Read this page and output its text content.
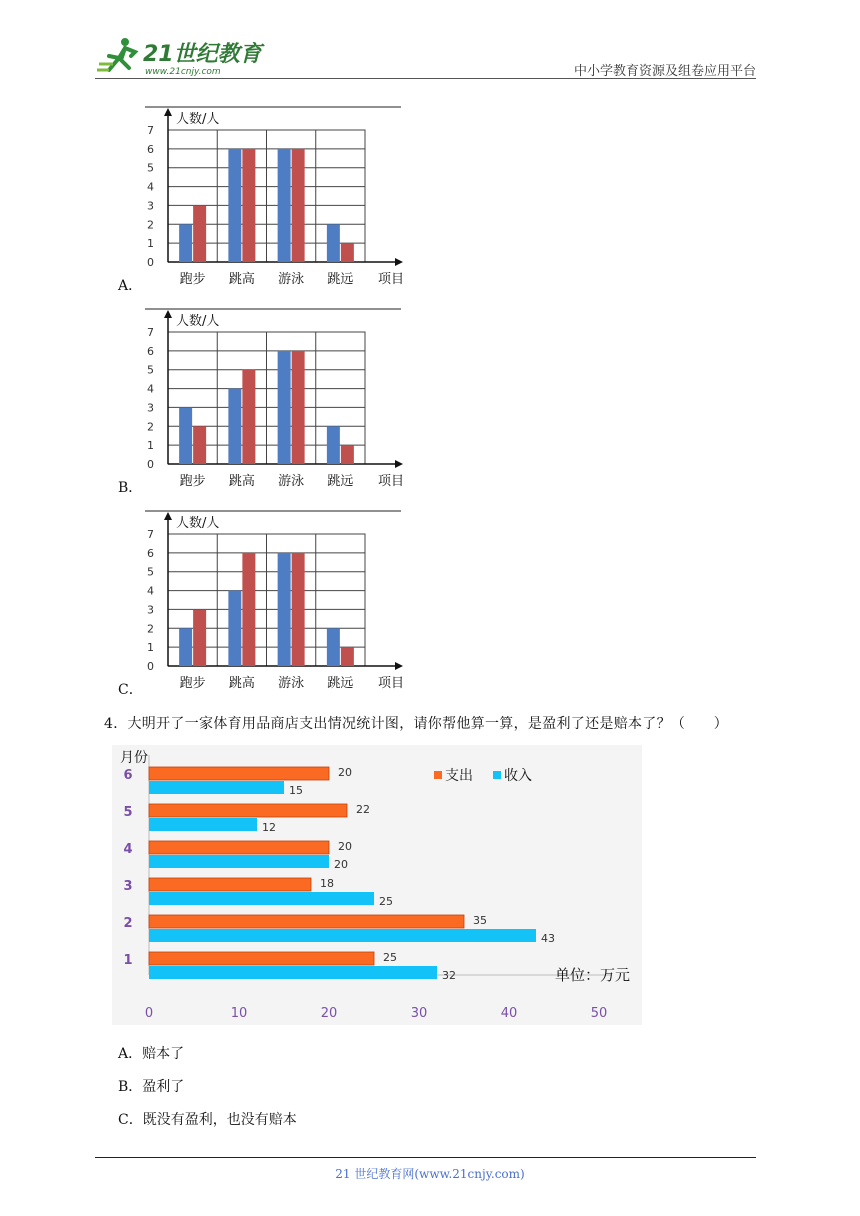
21世纪教育
www.21cnjy.com	中小学教育资源及组卷应用平台
A．
人数/人
0
1
2
3
4
5
6
7
跑步 跳高 游泳 跳远 项目
B．
人数/人
0
1
2
3
4
5
6
7
跑步 跳高 游泳 跳远 项目
C．
人数/人
0
1
2
3
4
5
6
7
跑步 跳高 游泳 跳远 项目
4．大明开了一家体育用品商店支出情况统计图，请你帮他算一算，是盈利了还是赔本了？（　　）
月份
支出 收入
1	25
32
2	35
43
3	18
25
4	20
20
5	22
12
6	20
15
单位：万元
0	10	20	30	40	50
A．赔本了
B．盈利了
C．既没有盈利，也没有赔本
21 世纪教育网(www.21cnjy.com)
